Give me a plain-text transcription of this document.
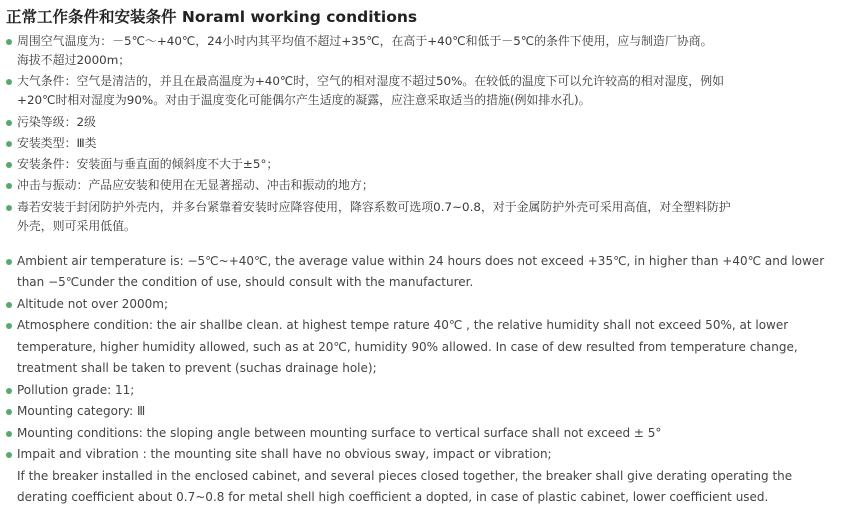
正常工作条件和安装条件 Noraml working conditions
周围空气温度为：－5℃～+40℃，24小时内其平均值不超过+35℃，在高于+40℃和低于－5℃的条件下使用，应与制造厂协商。
海拔不超过2000m；
大气条件：空气是清洁的，并且在最高温度为+40℃时，空气的相对湿度不超过50%。在较低的温度下可以允许较高的相对湿度，例如
+20℃时相对湿度为90%。对由于温度变化可能偶尔产生适度的凝露，应注意采取适当的措施(例如排水孔)。
污染等级：2级
安装类型：Ⅲ类
安装条件：安装面与垂直面的倾斜度不大于±5°；
冲击与振动：产品应安装和使用在无显著摇动、冲击和振动的地方；
毒若安装于封闭防护外壳内，并多台紧靠着安装时应降容使用，降容系数可选项0.7~0.8，对于金属防护外壳可采用高值，对全塑料防护
外壳，则可采用低值。
Ambient air temperature is: −5℃~+40℃, the average value within 24 hours does not exceed +35℃, in higher than +40℃ and lower
than −5℃under the condition of use, should consult with the manufacturer.
Altitude not over 2000m;
Atmosphere condition: the air shallbe clean. at highest tempe rature 40℃ , the relative humidity shall not exceed 50%, at lower
temperature, higher humidity allowed, such as at 20℃, humidity 90% allowed. In case of dew resulted from temperature change,
treatment shall be taken to prevent (suchas drainage hole);
Pollution grade: 11;
Mounting category: Ⅲ
Mounting conditions: the sloping angle between mounting surface to vertical surface shall not exceed ± 5°
Impait and vibration : the mounting site shall have no obvious sway, impact or vibration;
If the breaker installed in the enclosed cabinet, and several pieces closed together, the breaker shall give derating operating the
derating coefficient about 0.7~0.8 for metal shell high coefficient a dopted, in case of plastic cabinet, lower coefficient used.
